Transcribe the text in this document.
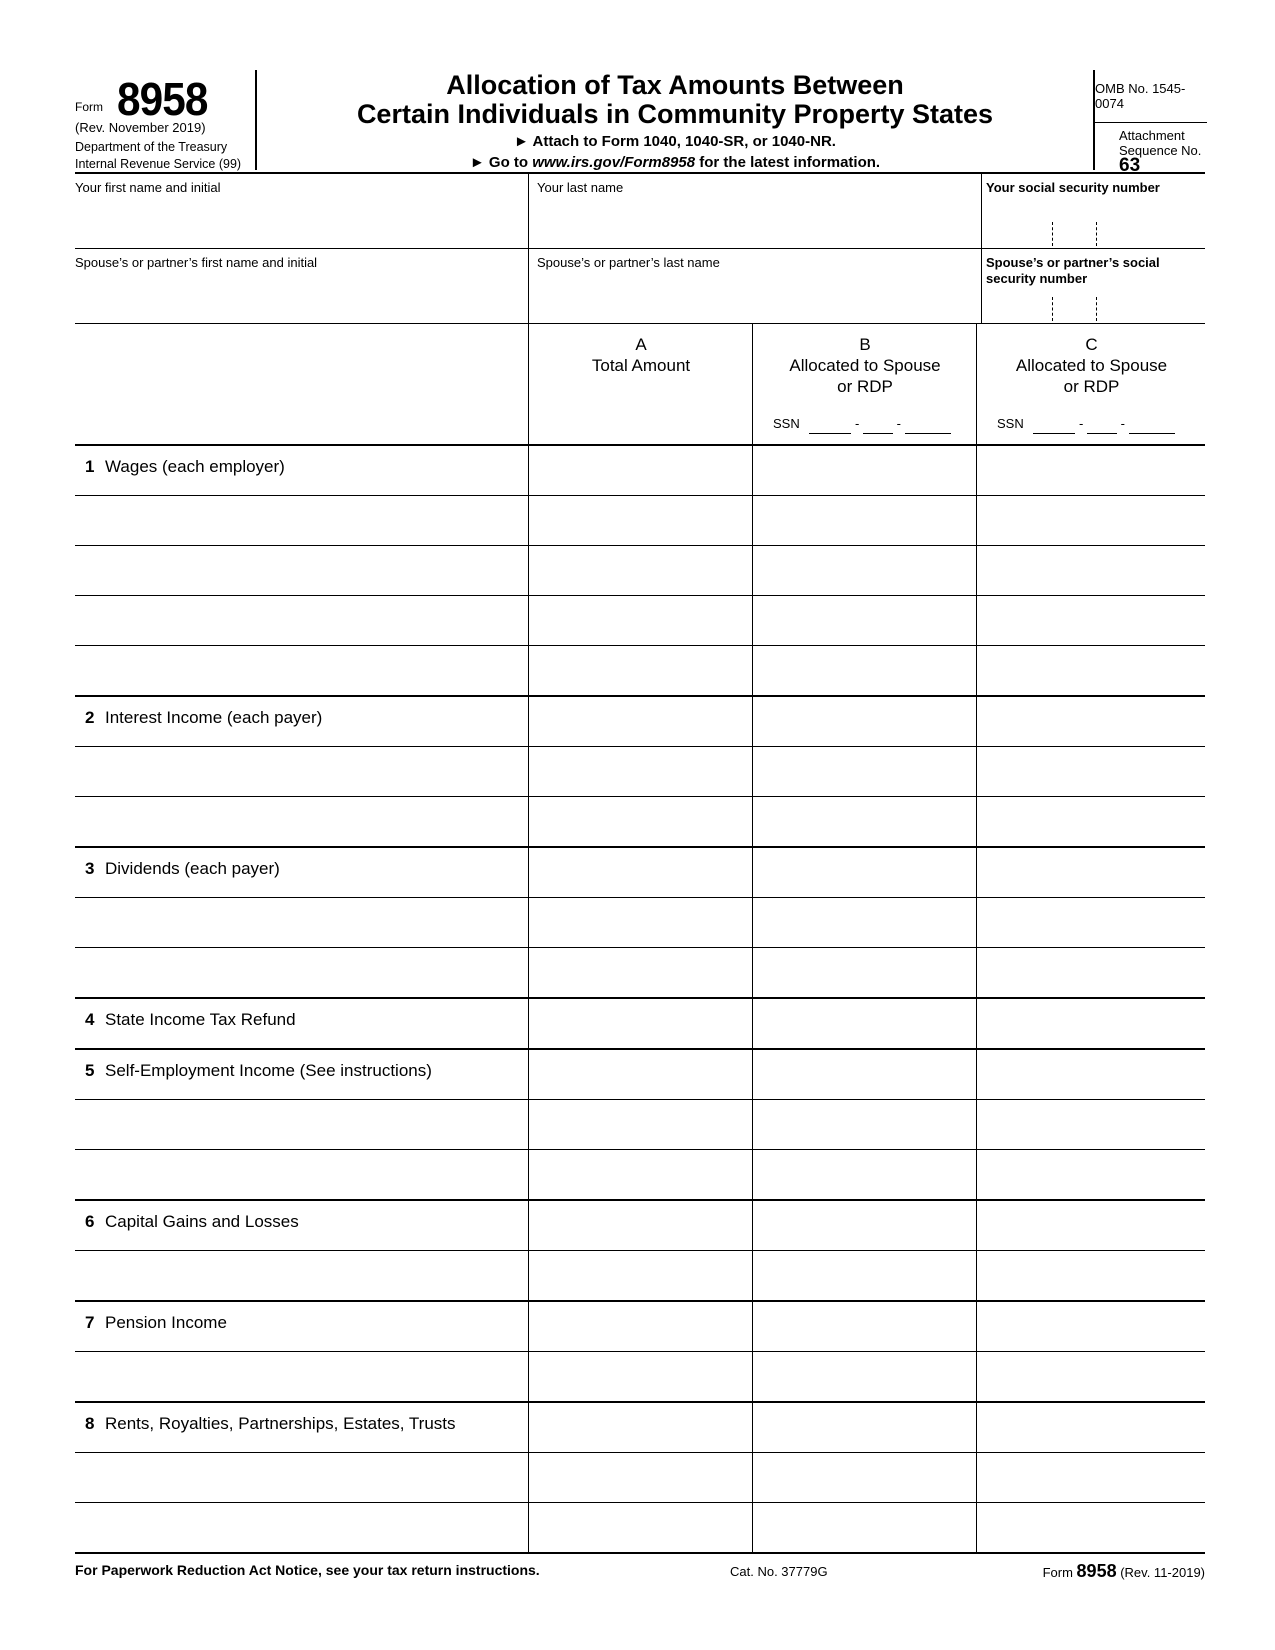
Form 8958
(Rev. November 2019)
Department of the Treasury
Internal Revenue Service (99)
Allocation of Tax Amounts Between
Certain Individuals in Community Property States
► Attach to Form 1040, 1040-SR, or 1040-NR.
► Go to www.irs.gov/Form8958 for the latest information.
OMB No. 1545-0074
Attachment
Sequence No. 63
Your first name and initial	Your last name	Your social security number
Spouse’s or partner’s first name and initial	Spouse’s or partner’s last name	Spouse’s or partner’s social security number
A
Total Amount
B
Allocated to Spouse
or RDP
SSN	-	-
C
Allocated to Spouse
or RDP
SSN	-	-
1 Wages (each employer)
2 Interest Income (each payer)
3 Dividends (each payer)
4 State Income Tax Refund
5 Self-Employment Income (See instructions)
6 Capital Gains and Losses
7 Pension Income
8 Rents, Royalties, Partnerships, Estates, Trusts
For Paperwork Reduction Act Notice, see your tax return instructions.	Cat. No. 37779G	Form 8958 (Rev. 11-2019)
